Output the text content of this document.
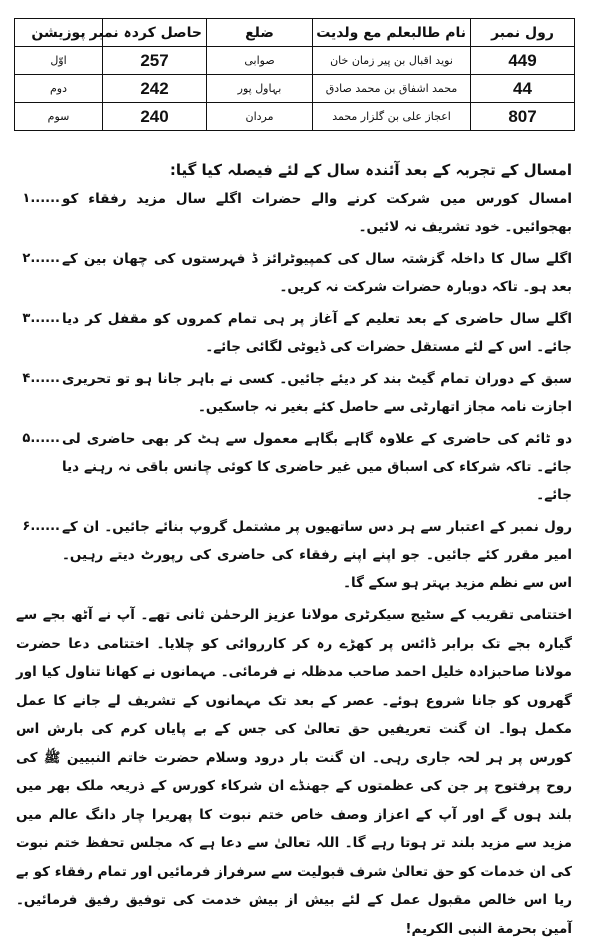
رول نمبر	نام طالبعلم مع ولدیت	ضلع	حاصل کردہ نمبر	پوزیشن
449	نوید اقبال بن پیر زمان خان	صوابی	257	اوّل
44	محمد اشفاق بن محمد صادق	بہاول پور	242	دوم
807	اعجاز علی بن گلزار محمد	مردان	240	سوم
امسال کے تجربہ کے بعد آئندہ سال کے لئے فیصلہ کیا گیا:
امسال کورس میں شرکت کرنے والے حضرات اگلے سال مزید رفقاء کو بھجوائیں۔ خود تشریف نہ لائیں۔
۱......
اگلے سال کا داخلہ گزشتہ سال کی کمپیوٹرائز ڈ فہرستوں کی چھان بین کے بعد ہو۔ تاکہ دوبارہ حضرات شرکت نہ کریں۔
۲......
اگلے سال حاضری کے بعد تعلیم کے آغاز پر ہی تمام کمروں کو مقفل کر دیا جائے۔ اس کے لئے مستقل حضرات کی ڈیوٹی لگائی جائے۔
۳......
سبق کے دوران تمام گیٹ بند کر دیئے جائیں۔ کسی نے باہر جانا ہو تو تحریری اجازت نامہ مجاز اتھارٹی سے حاصل کئے بغیر نہ جاسکیں۔
۴......
دو ٹائم کی حاضری کے علاوہ گاہے بگاہے معمول سے ہٹ کر بھی حاضری لی جائے۔ تاکہ شرکاء کی اسباق میں غیر حاضری کا کوئی چانس باقی نہ رہنے دیا جائے۔
۵......
رول نمبر کے اعتبار سے ہر دس ساتھیوں پر مشتمل گروپ بنائے جائیں۔ ان کے امیر مقرر کئے جائیں۔ جو اپنے اپنے رفقاء کی حاضری کی رپورٹ دیتے رہیں۔ اس سے نظم مزید بہتر ہو سکے گا۔
۶......
اختتامی تقریب کے سٹیج سیکرٹری مولانا عزیز الرحمٰن ثانی تھے۔ آپ نے آٹھ بجے سے گیارہ بجے تک برابر ڈائس پر کھڑے رہ کر کارروائی کو چلایا۔ اختتامی دعا حضرت مولانا صاحبزادہ خلیل احمد صاحب مدظلہ نے فرمائی۔ مہمانوں نے کھانا تناول کیا اور گھروں کو جانا شروع ہوئے۔ عصر کے بعد تک مہمانوں کے تشریف لے جانے کا عمل مکمل ہوا۔ ان گنت تعریفیں حق تعالیٰ کی جس کے بے پایاں کرم کی بارش اس کورس پر ہر لحہ جاری رہی۔ ان گنت بار درود وسلام حضرت خاتم النبیین ﷺ کی روح پرفتوح پر جن کی عظمتوں کے جھنڈے ان شرکاء کورس کے ذریعہ ملک بھر میں بلند ہوں گے اور آپ کے اعزاز وصف خاص ختم نبوت کا پھریرا چار دانگ عالم میں مزید سے مزید بلند تر ہوتا رہے گا۔ اللہ تعالیٰ سے دعا ہے کہ مجلس تحفظ ختم نبوت کی ان خدمات کو حق تعالیٰ شرف قبولیت سے سرفراز فرمائیں اور تمام رفقاء کو بے ریا اس خالص مقبول عمل کے لئے بیش از بیش خدمت کی توفیق رفیق فرمائیں۔ آمین بحرمة النبی الکریم!
